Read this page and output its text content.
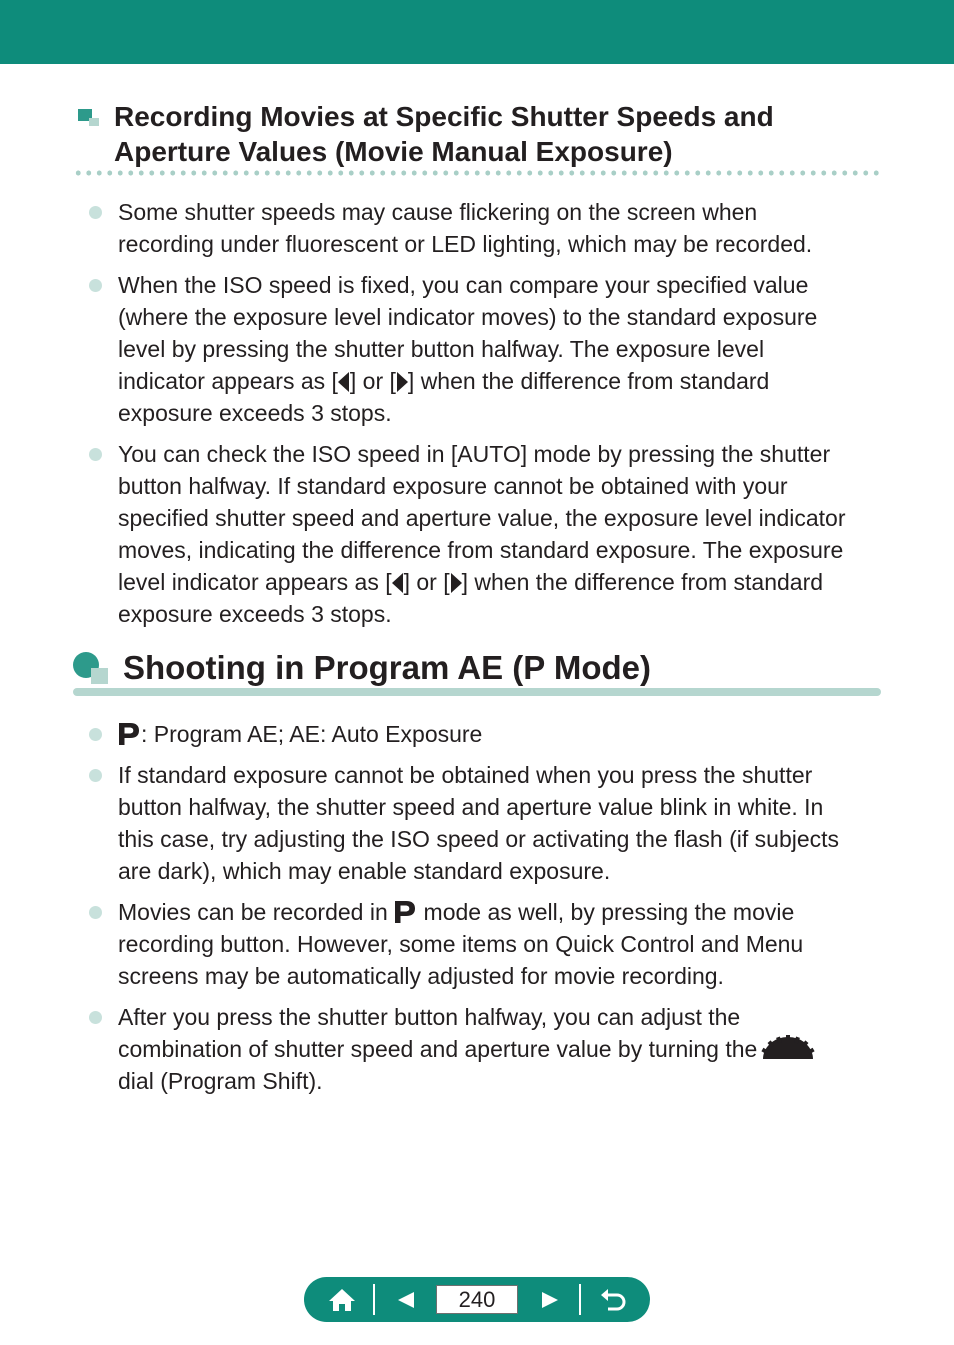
Recording Movies at Specific Shutter Speeds and
Aperture Values (Movie Manual Exposure)
Some shutter speeds may cause flickering on the screen when
recording under fluorescent or LED lighting, which may be recorded.
When the ISO speed is fixed, you can compare your specified value
(where the exposure level indicator moves) to the standard exposure
level by pressing the shutter button halfway. The exposure level
indicator appears as [ ] or [ ] when the difference from standard
exposure exceeds 3 stops.
You can check the ISO speed in [AUTO] mode by pressing the shutter
button halfway. If standard exposure cannot be obtained with your
specified shutter speed and aperture value, the exposure level indicator
moves, indicating the difference from standard exposure. The exposure
level indicator appears as [ ] or [ ] when the difference from standard
exposure exceeds 3 stops.
Shooting in Program AE (P Mode)
: Program AE; AE: Auto Exposure
If standard exposure cannot be obtained when you press the shutter
button halfway, the shutter speed and aperture value blink in white. In
this case, try adjusting the ISO speed or activating the flash (if subjects
are dark), which may enable standard exposure.
Movies can be recorded in  mode as well, by pressing the movie
recording button. However, some items on Quick Control and Menu
screens may be automatically adjusted for movie recording.
After you press the shutter button halfway, you can adjust the
combination of shutter speed and aperture value by turning the
dial (Program Shift).
240
